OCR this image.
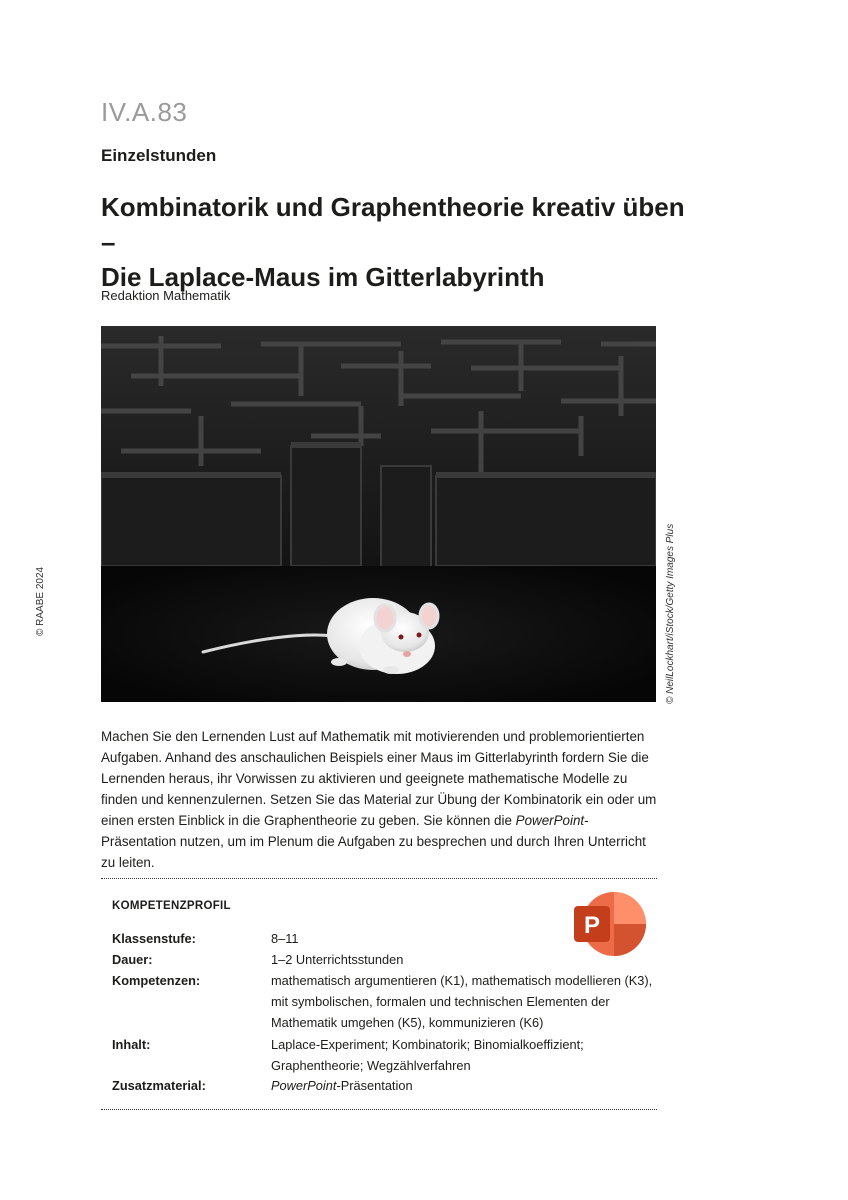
IV.A.83
Einzelstunden
Kombinatorik und Graphentheorie kreativ üben –
Die Laplace-Maus im Gitterlabyrinth
Redaktion Mathematik
© NeilLockhart/iStock/Getty Images Plus
© RAABE 2024

Machen Sie den Lernenden Lust auf Mathematik mit motivierenden und problemorientierten Aufgaben. Anhand des anschaulichen Beispiels einer Maus im Gitterlabyrinth fordern Sie die Lernenden heraus, ihr Vorwissen zu aktivieren und geeignete mathematische Modelle zu finden und kennenzulernen. Setzen Sie das Material zur Übung der Kombinatorik ein oder um einen ersten Einblick in die Graphentheorie zu geben. Sie können die PowerPoint-Präsentation nutzen, um im Plenum die Aufgaben zu besprechen und durch Ihren Unterricht zu leiten.

KOMPETENZPROFIL
P
Klassenstufe:	8–11
Dauer:	1–2 Unterrichtsstunden
Kompetenzen:	mathematisch argumentieren (K1), mathematisch modellieren (K3), mit symbolischen, formalen und technischen Elementen der Mathematik umgehen (K5), kommunizieren (K6)
Inhalt:	Laplace-Experiment; Kombinatorik; Binomialkoeffizient; Graphentheorie; Wegzählverfahren
Zusatzmaterial:	PowerPoint-Präsentation
